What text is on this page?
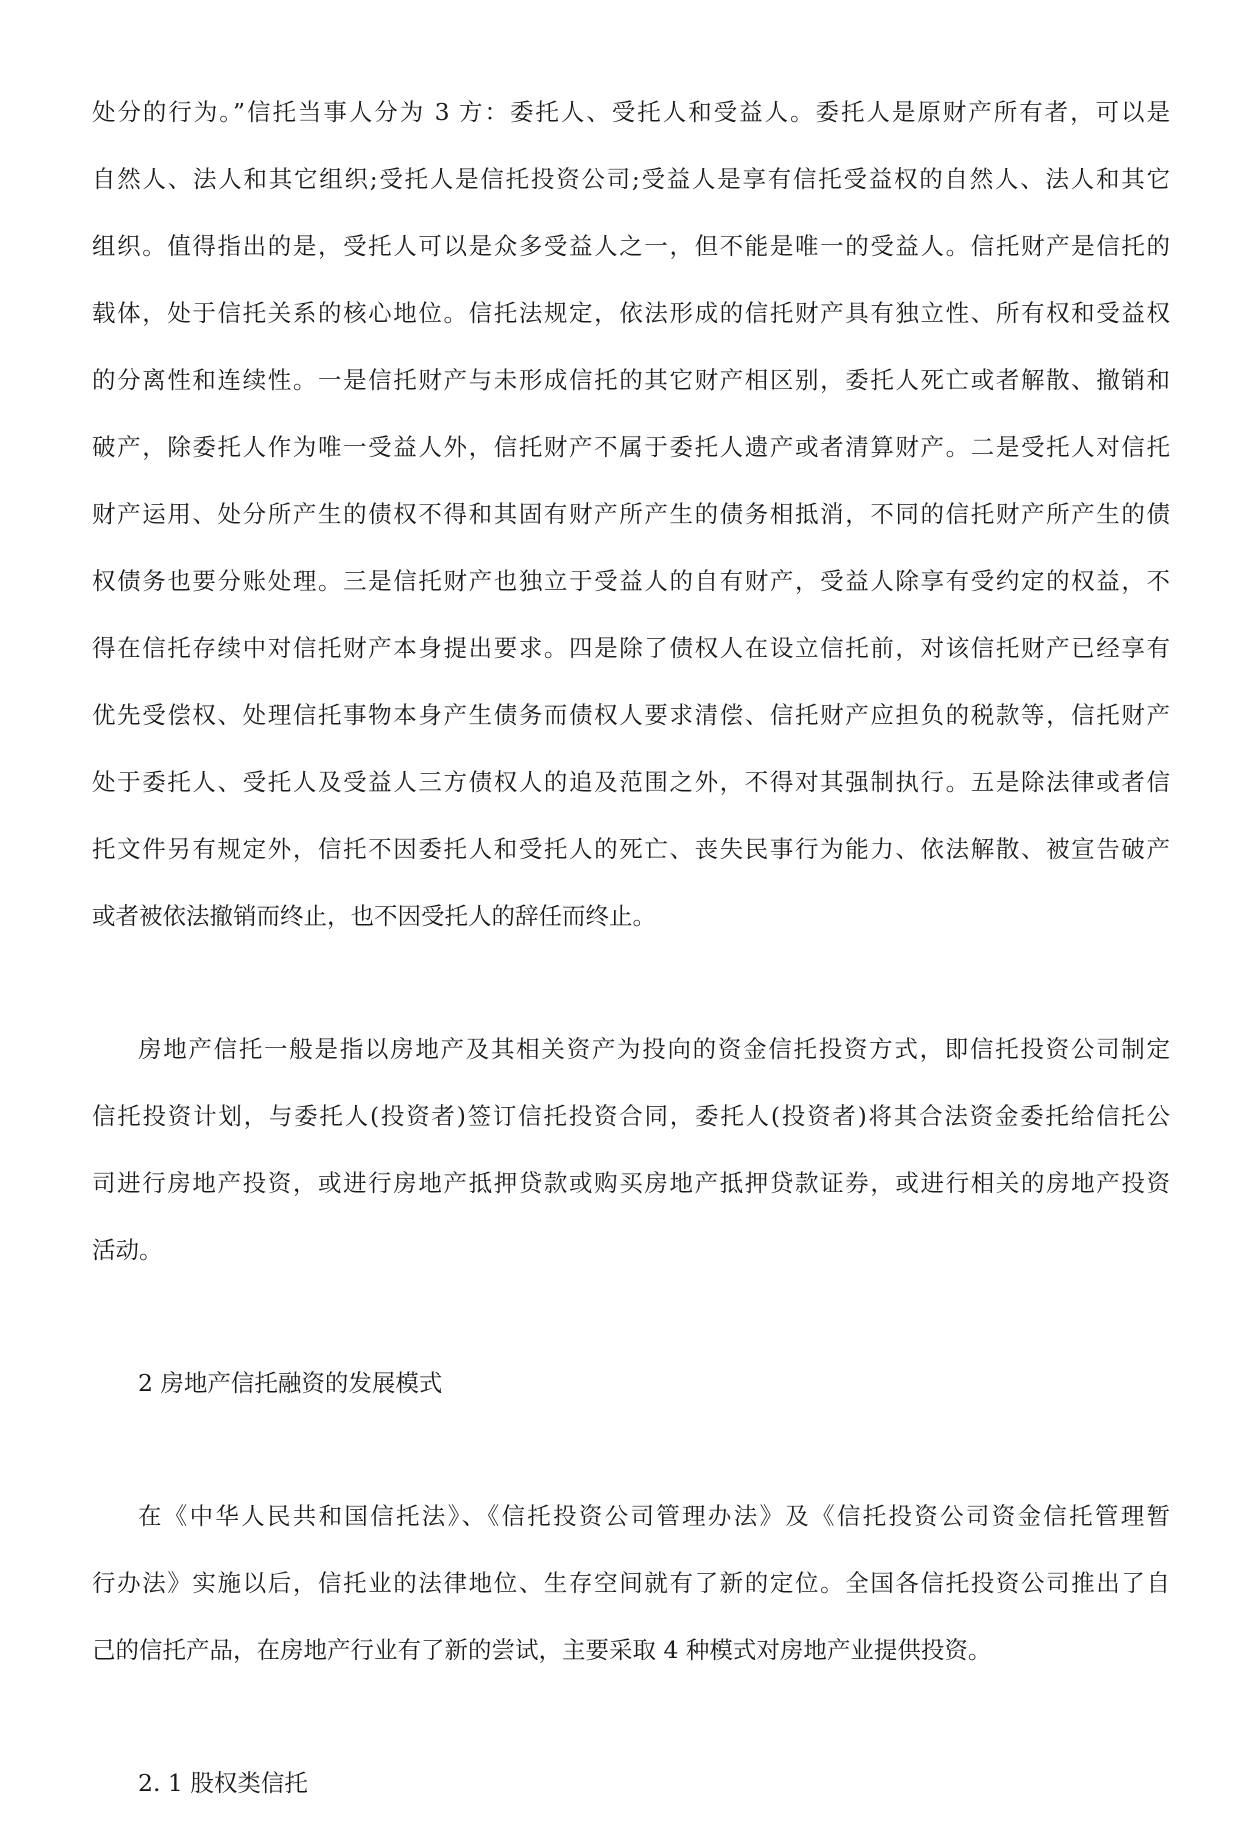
处分的行为。”信托当事人分为 3 方：委托人、受托人和受益人。委托人是原财产所有者，可以是
自然人、法人和其它组织;受托人是信托投资公司;受益人是享有信托受益权的自然人、法人和其它
组织。值得指出的是，受托人可以是众多受益人之一，但不能是唯一的受益人。信托财产是信托的
载体，处于信托关系的核心地位。信托法规定，依法形成的信托财产具有独立性、所有权和受益权
的分离性和连续性。一是信托财产与未形成信托的其它财产相区别，委托人死亡或者解散、撤销和
破产，除委托人作为唯一受益人外，信托财产不属于委托人遗产或者清算财产。二是受托人对信托
财产运用、处分所产生的债权不得和其固有财产所产生的债务相抵消，不同的信托财产所产生的债
权债务也要分账处理。三是信托财产也独立于受益人的自有财产，受益人除享有受约定的权益，不
得在信托存续中对信托财产本身提出要求。四是除了债权人在设立信托前，对该信托财产已经享有
优先受偿权、处理信托事物本身产生债务而债权人要求清偿、信托财产应担负的税款等，信托财产
处于委托人、受托人及受益人三方债权人的追及范围之外，不得对其强制执行。五是除法律或者信
托文件另有规定外，信托不因委托人和受托人的死亡、丧失民事行为能力、依法解散、被宣告破产
或者被依法撤销而终止，也不因受托人的辞任而终止。
房地产信托一般是指以房地产及其相关资产为投向的资金信托投资方式，即信托投资公司制定
信托投资计划，与委托人(投资者)签订信托投资合同，委托人(投资者)将其合法资金委托给信托公
司进行房地产投资，或进行房地产抵押贷款或购买房地产抵押贷款证券，或进行相关的房地产投资
活动。
2 房地产信托融资的发展模式
在《中华人民共和国信托法》、《信托投资公司管理办法》及《信托投资公司资金信托管理暂
行办法》实施以后，信托业的法律地位、生存空间就有了新的定位。全国各信托投资公司推出了自
己的信托产品，在房地产行业有了新的尝试，主要采取 4 种模式对房地产业提供投资。
2. 1 股权类信托
